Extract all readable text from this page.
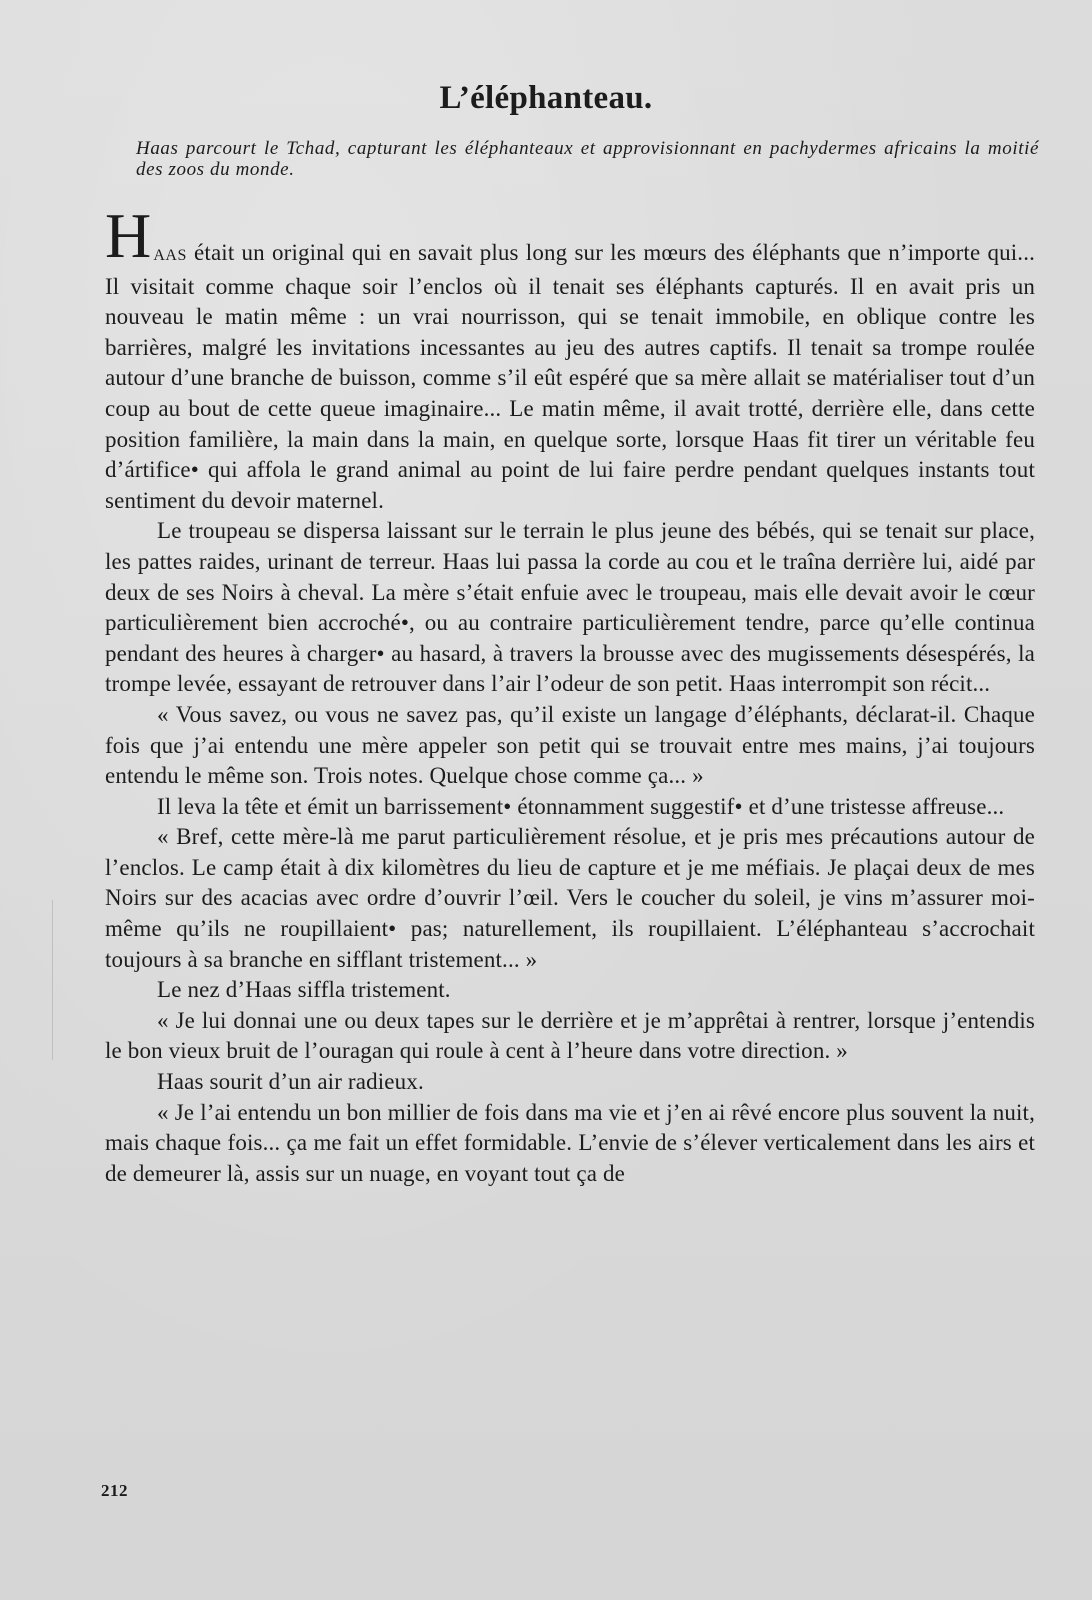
L’éléphanteau.

Haas parcourt le Tchad, capturant les éléphanteaux et approvisionnant en pachydermes africains la moitié des zoos du monde.

HAAS était un original qui en savait plus long sur les mœurs des éléphants que n’importe qui... Il visitait comme chaque soir l’enclos où il tenait ses éléphants capturés. Il en avait pris un nouveau le matin même : un vrai nourrisson, qui se tenait immobile, en oblique contre les barrières, malgré les invitations incessantes au jeu des autres captifs. Il tenait sa trompe roulée autour d’une branche de buisson, comme s’il eût espéré que sa mère allait se matérialiser tout d’un coup au bout de cette queue imaginaire... Le matin même, il avait trotté, derrière elle, dans cette position familière, la main dans la main, en quelque sorte, lorsque Haas fit tirer un véritable feu d’ártifice• qui affola le grand animal au point de lui faire perdre pendant quelques instants tout sentiment du devoir maternel.

Le troupeau se dispersa laissant sur le terrain le plus jeune des bébés, qui se tenait sur place, les pattes raides, urinant de terreur. Haas lui passa la corde au cou et le traîna derrière lui, aidé par deux de ses Noirs à cheval. La mère s’était enfuie avec le troupeau, mais elle devait avoir le cœur particulièrement bien accroché•, ou au contraire particulièrement tendre, parce qu’elle continua pendant des heures à charger• au hasard, à travers la brousse avec des mugissements désespérés, la trompe levée, essayant de retrouver dans l’air l’odeur de son petit. Haas interrompit son récit...

« Vous savez, ou vous ne savez pas, qu’il existe un langage d’éléphants, déclarat-il. Chaque fois que j’ai entendu une mère appeler son petit qui se trouvait entre mes mains, j’ai toujours entendu le même son. Trois notes. Quelque chose comme ça... »

Il leva la tête et émit un barrissement• étonnamment suggestif• et d’une tristesse affreuse...

« Bref, cette mère-là me parut particulièrement résolue, et je pris mes précautions autour de l’enclos. Le camp était à dix kilomètres du lieu de capture et je me méfiais. Je plaçai deux de mes Noirs sur des acacias avec ordre d’ouvrir l’œil. Vers le coucher du soleil, je vins m’assurer moi-même qu’ils ne roupillaient• pas; naturellement, ils roupillaient. L’éléphanteau s’accrochait toujours à sa branche en sifflant tristement... »

Le nez d’Haas siffla tristement.

« Je lui donnai une ou deux tapes sur le derrière et je m’apprêtai à rentrer, lorsque j’entendis le bon vieux bruit de l’ouragan qui roule à cent à l’heure dans votre direction. »

Haas sourit d’un air radieux.

« Je l’ai entendu un bon millier de fois dans ma vie et j’en ai rêvé encore plus souvent la nuit, mais chaque fois... ça me fait un effet formidable. L’envie de s’élever verticalement dans les airs et de demeurer là, assis sur un nuage, en voyant tout ça de

212
